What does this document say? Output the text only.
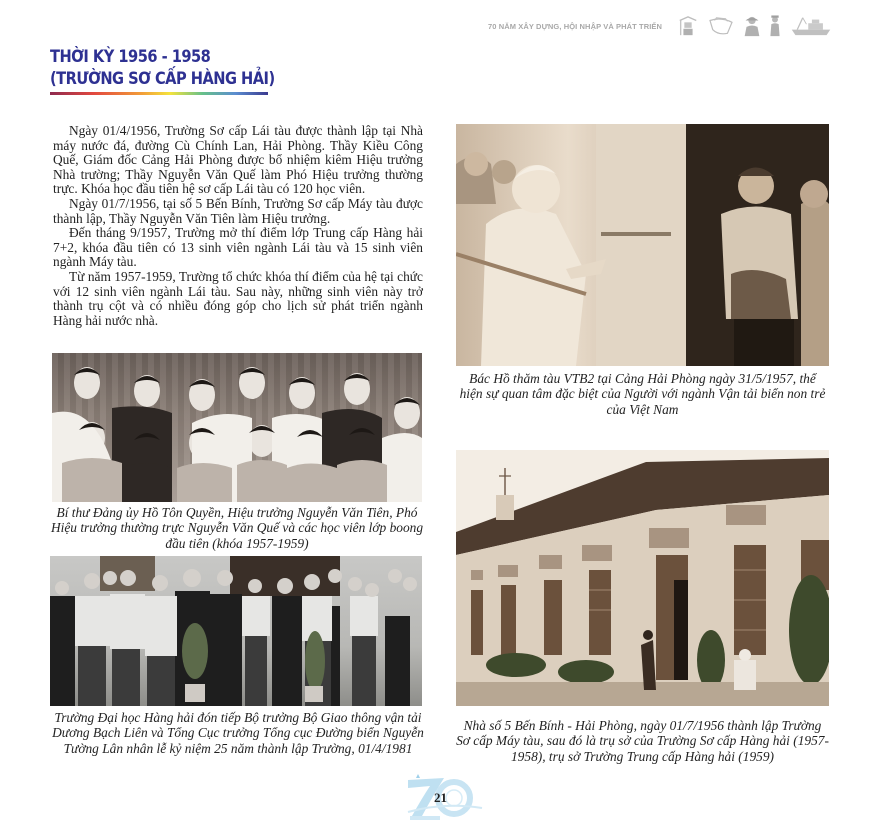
70 NĂM XÂY DỰNG, HỘI NHẬP VÀ PHÁT TRIỂN
THỜI KỲ 1956 - 1958
(TRƯỜNG SƠ CẤP HÀNG HẢI)

Ngày 01/4/1956, Trường Sơ cấp Lái tàu được thành lập tại Nhà máy nước đá, đường Cù Chính Lan, Hải Phòng. Thầy Kiều Công Quế, Giám đốc Cảng Hải Phòng được bổ nhiệm kiêm Hiệu trưởng Nhà trường; Thầy Nguyễn Văn Quế làm Phó Hiệu trưởng thường trực. Khóa học đầu tiên hệ sơ cấp Lái tàu có 120 học viên.

Ngày 01/7/1956, tại số 5 Bến Bính, Trường Sơ cấp Máy tàu được thành lập, Thầy Nguyễn Văn Tiên làm Hiệu trưởng.

Đến tháng 9/1957, Trường mở thí điểm lớp Trung cấp Hàng hải 7+2, khóa đầu tiên có 13 sinh viên ngành Lái tàu và 15 sinh viên ngành Máy tàu.

Từ năm 1957-1959, Trường tổ chức khóa thí điểm của hệ tại chức với 12 sinh viên ngành Lái tàu. Sau này, những sinh viên này trở thành trụ cột và có nhiều đóng góp cho lịch sử phát triển ngành Hàng hải nước nhà.

Bí thư Đảng ủy Hồ Tôn Quyền, Hiệu trưởng Nguyễn Văn Tiên, Phó Hiệu trưởng thường trực Nguyễn Văn Quế và các học viên lớp boong đầu tiên (khóa 1957-1959)
Trường Đại học Hàng hải đón tiếp Bộ trưởng Bộ Giao thông vận tải Dương Bạch Liên và Tổng Cục trưởng Tổng cục Đường biển Nguyễn Tường Lân nhân lễ kỷ niệm 25 năm thành lập Trường, 01/4/1981
Bác Hồ thăm tàu VTB2 tại Cảng Hải Phòng ngày 31/5/1957, thể hiện sự quan tâm đặc biệt của Người với ngành Vận tải biển non trẻ của Việt Nam
Nhà số 5 Bến Bính - Hải Phòng, ngày 01/7/1956 thành lập Trường Sơ cấp Máy tàu, sau đó là trụ sở của Trường Sơ cấp Hàng hải (1957-1958), trụ sở Trường Trung cấp Hàng hải (1959)
21
